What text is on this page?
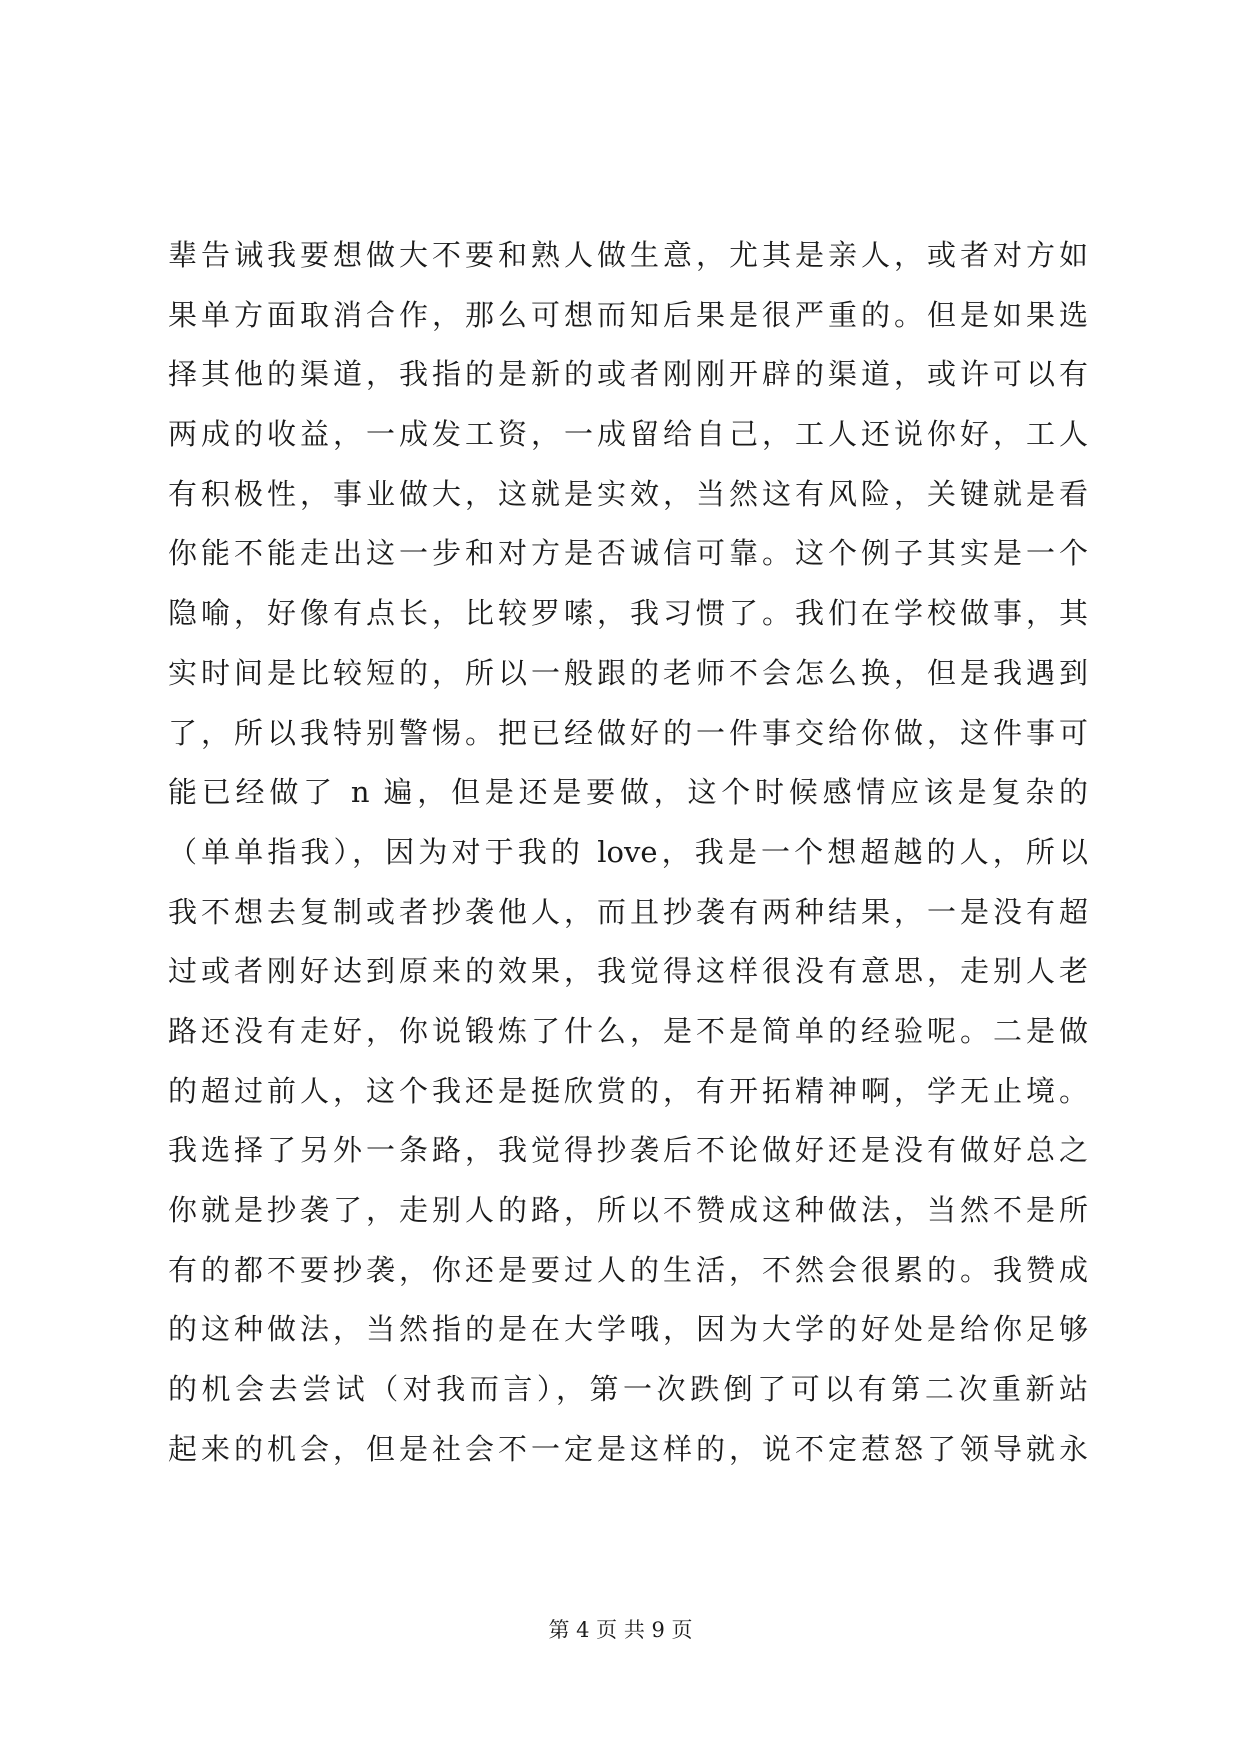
辈告诫我要想做大不要和熟人做生意，尤其是亲人，或者对方如
果单方面取消合作，那么可想而知后果是很严重的。但是如果选
择其他的渠道，我指的是新的或者刚刚开辟的渠道，或许可以有
两成的收益，一成发工资，一成留给自己，工人还说你好，工人
有积极性，事业做大，这就是实效，当然这有风险，关键就是看
你能不能走出这一步和对方是否诚信可靠。这个例子其实是一个
隐喻，好像有点长，比较罗嗦，我习惯了。我们在学校做事，其
实时间是比较短的，所以一般跟的老师不会怎么换，但是我遇到
了，所以我特别警惕。把已经做好的一件事交给你做，这件事可
能已经做了 n 遍，但是还是要做，这个时候感情应该是复杂的
（单单指我），因为对于我的 love，我是一个想超越的人，所以
我不想去复制或者抄袭他人，而且抄袭有两种结果，一是没有超
过或者刚好达到原来的效果，我觉得这样很没有意思，走别人老
路还没有走好，你说锻炼了什么，是不是简单的经验呢。二是做
的超过前人，这个我还是挺欣赏的，有开拓精神啊，学无止境。
我选择了另外一条路，我觉得抄袭后不论做好还是没有做好总之
你就是抄袭了，走别人的路，所以不赞成这种做法，当然不是所
有的都不要抄袭，你还是要过人的生活，不然会很累的。我赞成
的这种做法，当然指的是在大学哦，因为大学的好处是给你足够
的机会去尝试（对我而言），第一次跌倒了可以有第二次重新站
起来的机会，但是社会不一定是这样的，说不定惹怒了领导就永
第 4 页 共 9 页
